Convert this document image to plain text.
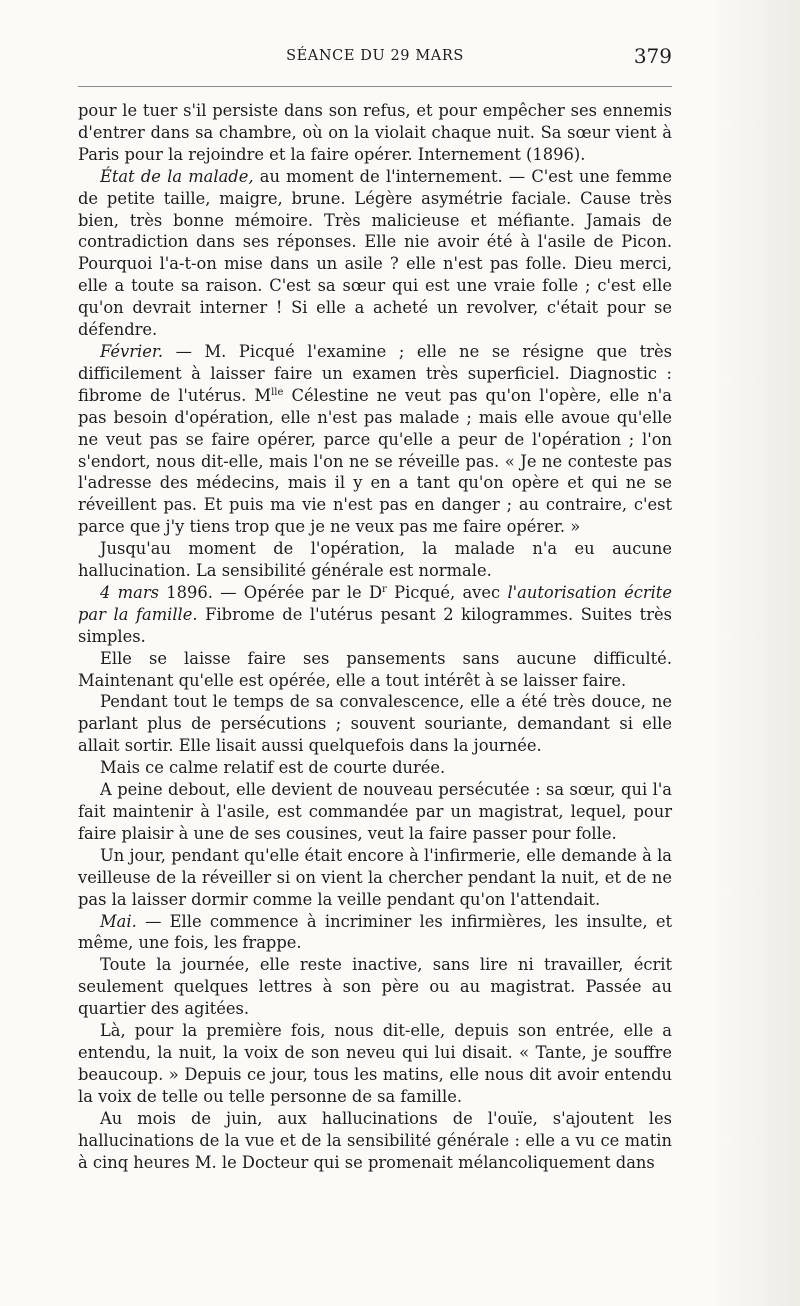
SÉANCE DU 29 MARS	379

pour le tuer s'il persiste dans son refus, et pour empêcher ses ennemis d'entrer dans sa chambre, où on la violait chaque nuit. Sa sœur vient à Paris pour la rejoindre et la faire opérer. Internement (1896).

État de la malade, au moment de l'internement. — C'est une femme de petite taille, maigre, brune. Légère asymétrie faciale. Cause très bien, très bonne mémoire. Très malicieuse et méfiante. Jamais de contradiction dans ses réponses. Elle nie avoir été à l'asile de Picon. Pourquoi l'a-t-on mise dans un asile ? elle n'est pas folle. Dieu merci, elle a toute sa raison. C'est sa sœur qui est une vraie folle ; c'est elle qu'on devrait interner ! Si elle a acheté un revolver, c'était pour se défendre.

Février. — M. Picqué l'examine ; elle ne se résigne que très difficilement à laisser faire un examen très superficiel. Diagnostic : fibrome de l'utérus. $M^{lle}$ Célestine ne veut pas qu'on l'opère, elle n'a pas besoin d'opération, elle n'est pas malade ; mais elle avoue qu'elle ne veut pas se faire opérer, parce qu'elle a peur de l'opération ; l'on s'endort, nous dit-elle, mais l'on ne se réveille pas. « Je ne conteste pas l'adresse des médecins, mais il y en a tant qu'on opère et qui ne se réveillent pas. Et puis ma vie n'est pas en danger ; au contraire, c'est parce que j'y tiens trop que je ne veux pas me faire opérer. »

Jusqu'au moment de l'opération, la malade n'a eu aucune hallucination. La sensibilité générale est normale.

4 mars 1896. — Opérée par le $D^r$ Picqué, avec l'autorisation écrite par la famille. Fibrome de l'utérus pesant 2 kilogrammes. Suites très simples.

Elle se laisse faire ses pansements sans aucune difficulté. Maintenant qu'elle est opérée, elle a tout intérêt à se laisser faire.

Pendant tout le temps de sa convalescence, elle a été très douce, ne parlant plus de persécutions ; souvent souriante, demandant si elle allait sortir. Elle lisait aussi quelquefois dans la journée.

Mais ce calme relatif est de courte durée.

A peine debout, elle devient de nouveau persécutée : sa sœur, qui l'a fait maintenir à l'asile, est commandée par un magistrat, lequel, pour faire plaisir à une de ses cousines, veut la faire passer pour folle.

Un jour, pendant qu'elle était encore à l'infirmerie, elle demande à la veilleuse de la réveiller si on vient la chercher pendant la nuit, et de ne pas la laisser dormir comme la veille pendant qu'on l'attendait.

Mai. — Elle commence à incriminer les infirmières, les insulte, et même, une fois, les frappe.

Toute la journée, elle reste inactive, sans lire ni travailler, écrit seulement quelques lettres à son père ou au magistrat. Passée au quartier des agitées.

Là, pour la première fois, nous dit-elle, depuis son entrée, elle a entendu, la nuit, la voix de son neveu qui lui disait. « Tante, je souffre beaucoup. » Depuis ce jour, tous les matins, elle nous dit avoir entendu la voix de telle ou telle personne de sa famille.

Au mois de juin, aux hallucinations de l'ouïe, s'ajoutent les hallucinations de la vue et de la sensibilité générale : elle a vu ce matin à cinq heures M. le Docteur qui se promenait mélancoliquement dans
